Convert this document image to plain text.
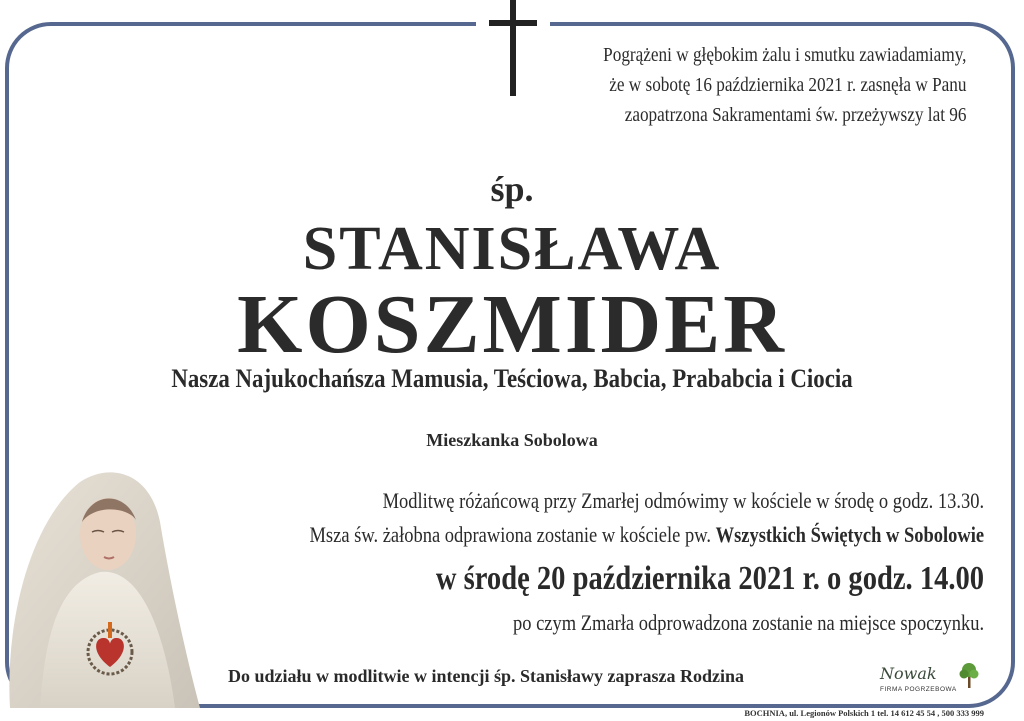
Pogrążeni w głębokim żalu i smutku zawiadamiamy,
że w sobotę 16 października 2021 r. zasnęła w Panu
zaopatrzona Sakramentami św. przeżywszy lat 96
śp.
STANISŁAWA
KOSZMIDER
Nasza Najukochańsza Mamusia, Teściowa, Babcia, Prababcia i Ciocia
Mieszkanka Sobolowa
Modlitwę różańcową przy Zmarłej odmówimy w kościele w środę o godz. 13.30.
Msza św. żałobna odprawiona zostanie w kościele pw. Wszystkich Świętych w Sobolowie
w środę 20 października 2021 r. o godz. 14.00
po czym Zmarła odprowadzona zostanie na miejsce spoczynku.
Do udziału w modlitwie w intencji śp. Stanisławy zaprasza Rodzina	Nowak
FIRMA POGRZEBOWA
BOCHNIA, ul. Legionów Polskich 1 tel. 14 612 45 54 , 500 333 999
